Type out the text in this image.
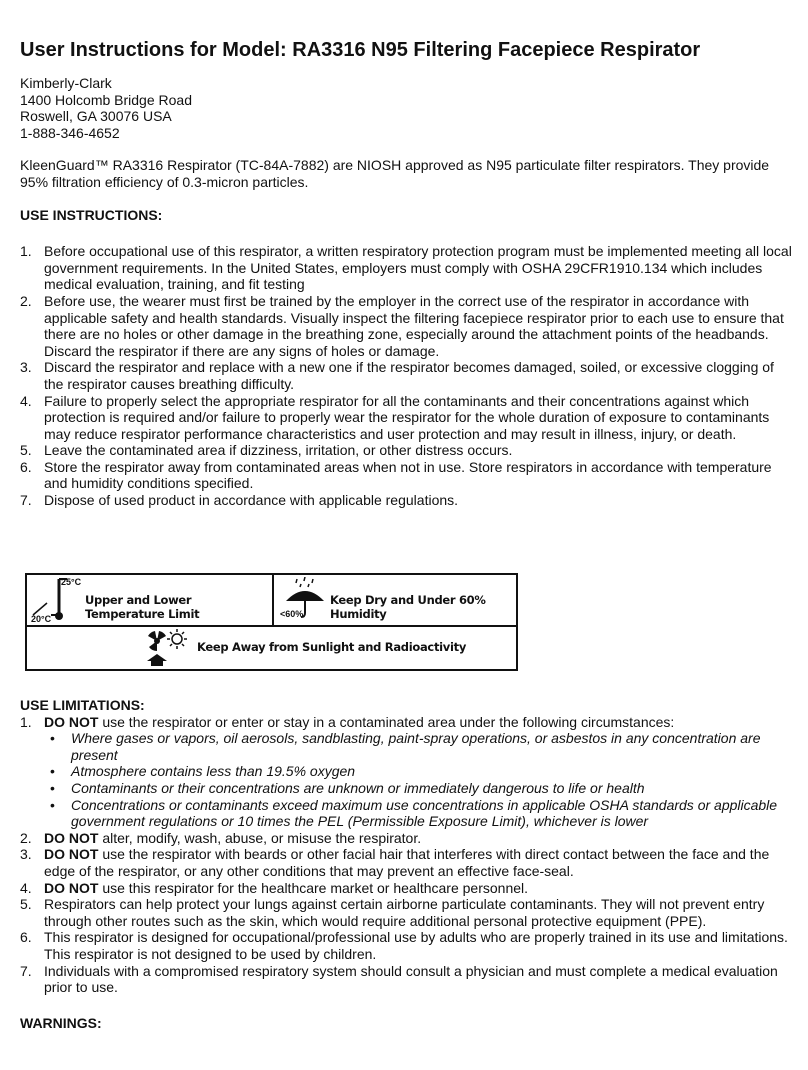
User Instructions for Model: RA3316 N95 Filtering Facepiece Respirator
Kimberly-Clark
1400 Holcomb Bridge Road
Roswell, GA 30076 USA
1-888-346-4652
KleenGuard™ RA3316 Respirator (TC-84A-7882) are NIOSH approved as N95 particulate filter respirators. They provide 95% filtration efficiency of 0.3-micron particles.
USE INSTRUCTIONS:
1. Before occupational use of this respirator, a written respiratory protection program must be implemented meeting all local government requirements. In the United States, employers must comply with OSHA 29CFR1910.134 which includes medical evaluation, training, and fit testing
2. Before use, the wearer must first be trained by the employer in the correct use of the respirator in accordance with applicable safety and health standards. Visually inspect the filtering facepiece respirator prior to each use to ensure that there are no holes or other damage in the breathing zone, especially around the attachment points of the headbands. Discard the respirator if there are any signs of holes or damage.
3. Discard the respirator and replace with a new one if the respirator becomes damaged, soiled, or excessive clogging of the respirator causes breathing difficulty.
4. Failure to properly select the appropriate respirator for all the contaminants and their concentrations against which protection is required and/or failure to properly wear the respirator for the whole duration of exposure to contaminants may reduce respirator performance characteristics and user protection and may result in illness, injury, or death.
5. Leave the contaminated area if dizziness, irritation, or other distress occurs.
6. Store the respirator away from contaminated areas when not in use. Store respirators in accordance with temperature and humidity conditions specified.
7. Dispose of used product in accordance with applicable regulations.
25°C
20°C
Upper and Lower Temperature Limit	<60%
Keep Dry and Under 60% Humidity
Keep Away from Sunlight and Radioactivity
USE LIMITATIONS:
1. DO NOT use the respirator or enter or stay in a contaminated area under the following circumstances:
• Where gases or vapors, oil aerosols, sandblasting, paint-spray operations, or asbestos in any concentration are present
• Atmosphere contains less than 19.5% oxygen
• Contaminants or their concentrations are unknown or immediately dangerous to life or health
• Concentrations or contaminants exceed maximum use concentrations in applicable OSHA standards or applicable government regulations or 10 times the PEL (Permissible Exposure Limit), whichever is lower
2. DO NOT alter, modify, wash, abuse, or misuse the respirator.
3. DO NOT use the respirator with beards or other facial hair that interferes with direct contact between the face and the edge of the respirator, or any other conditions that may prevent an effective face-seal.
4. DO NOT use this respirator for the healthcare market or healthcare personnel.
5. Respirators can help protect your lungs against certain airborne particulate contaminants. They will not prevent entry through other routes such as the skin, which would require additional personal protective equipment (PPE).
6. This respirator is designed for occupational/professional use by adults who are properly trained in its use and limitations. This respirator is not designed to be used by children.
7. Individuals with a compromised respiratory system should consult a physician and must complete a medical evaluation prior to use.
WARNINGS:
